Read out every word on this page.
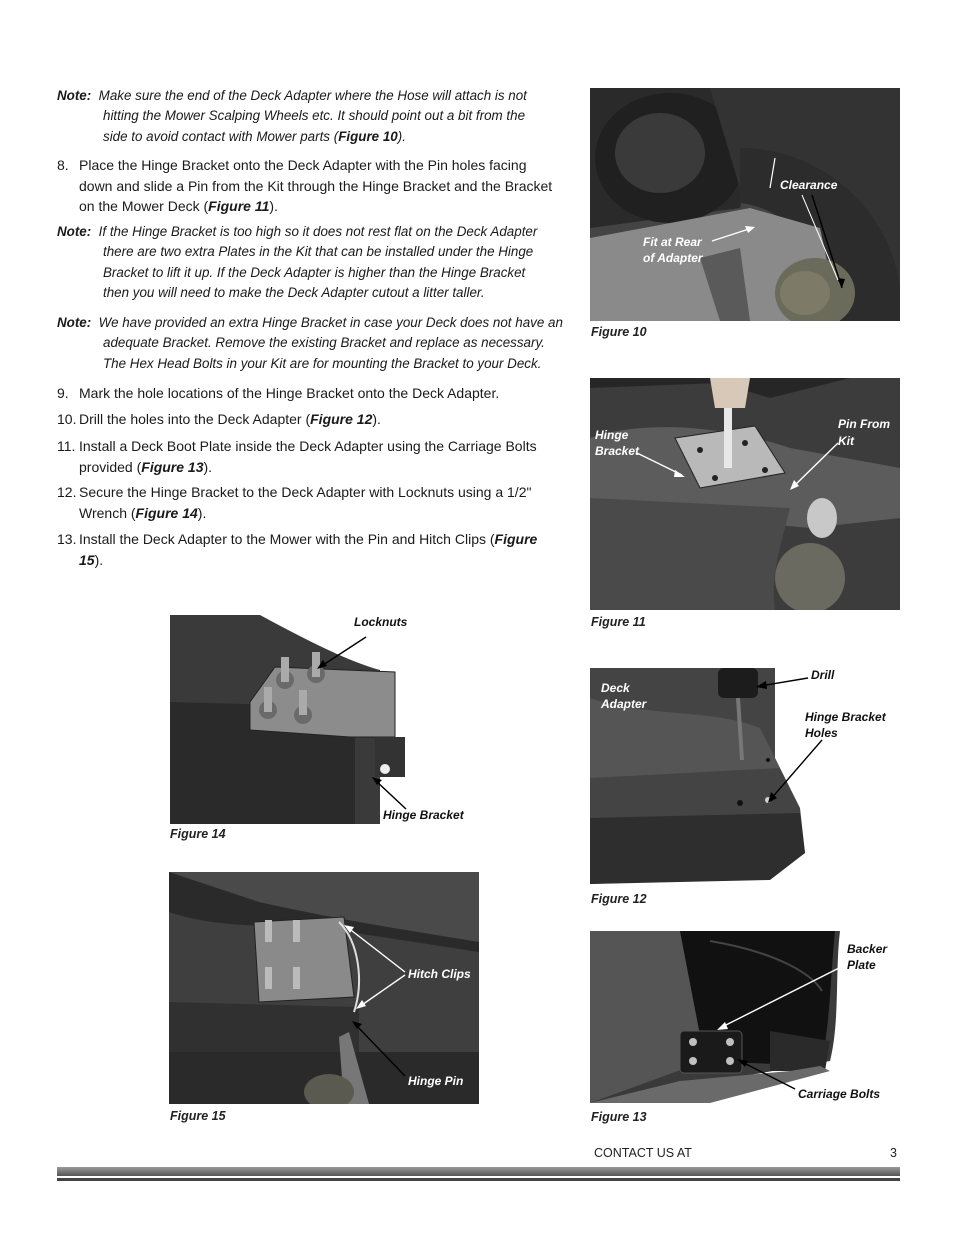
Note: Make sure the end of the Deck Adapter where the Hose will attach is not
hitting the Mower Scalping Wheels etc. It should point out a bit from the
side to avoid contact with Mower parts (Figure 10).
8. Place the Hinge Bracket onto the Deck Adapter with the Pin holes facing
down and slide a Pin from the Kit through the Hinge Bracket and the Bracket
on the Mower Deck (Figure 11).
Note: If the Hinge Bracket is too high so it does not rest flat on the Deck Adapter
there are two extra Plates in the Kit that can be installed under the Hinge
Bracket to lift it up. If the Deck Adapter is higher than the Hinge Bracket
then you will need to make the Deck Adapter cutout a litter taller.
Note: We have provided an extra Hinge Bracket in case your Deck does not have an
adequate Bracket. Remove the existing Bracket and replace as necessary.
The Hex Head Bolts in your Kit are for mounting the Bracket to your Deck.
9. Mark the hole locations of the Hinge Bracket onto the Deck Adapter.
10. Drill the holes into the Deck Adapter (Figure 12).
11. Install a Deck Boot Plate inside the Deck Adapter using the Carriage Bolts
provided (Figure 13).
12. Secure the Hinge Bracket to the Deck Adapter with Locknuts using a 1/2"
Wrench (Figure 14).
13. Install the Deck Adapter to the Mower with the Pin and Hitch Clips (Figure
15).
Clearance
Fit at Rear
of Adapter
Figure 10
Hinge
Bracket
Pin From
Kit
Figure 11
Deck
Adapter
Drill
Hinge Bracket
Holes
Figure 12
Backer
Plate
Carriage Bolts
Figure 13
Locknuts
Hinge Bracket
Figure 14
Hitch Clips
Hinge Pin
Figure 15
CONTACT US AT	3
